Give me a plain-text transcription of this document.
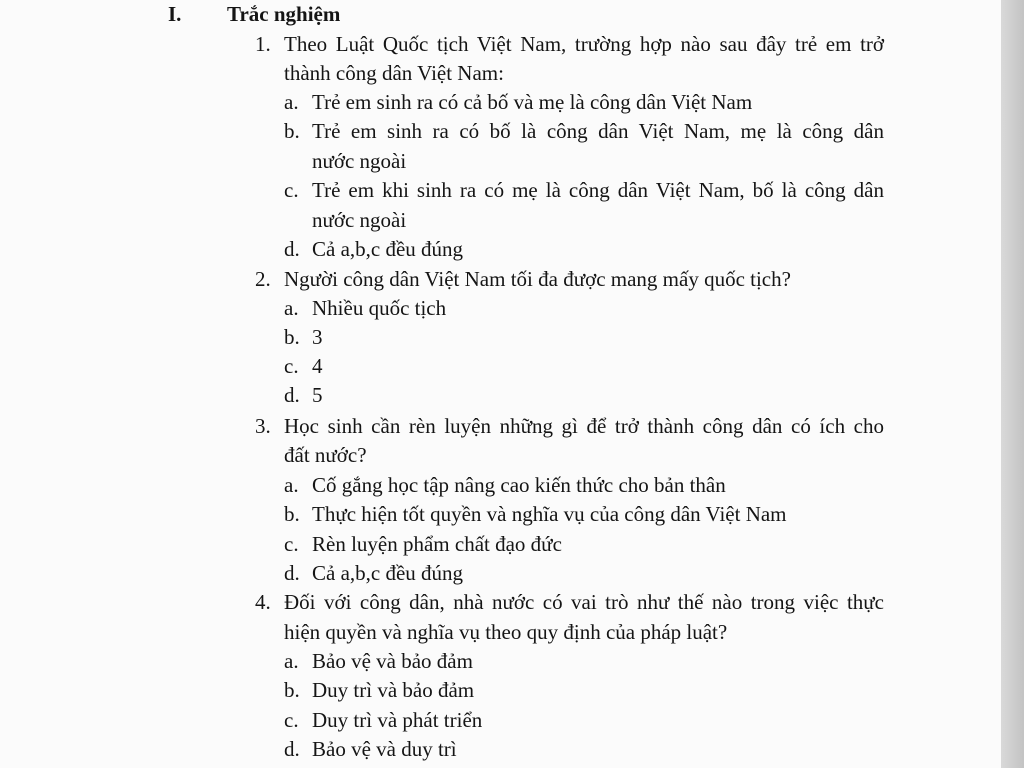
I. Trắc nghiệm
1. Theo Luật Quốc tịch Việt Nam, trường hợp nào sau đây trẻ em trở
thành công dân Việt Nam:
a. Trẻ em sinh ra có cả bố và mẹ là công dân Việt Nam
b. Trẻ em sinh ra có bố là công dân Việt Nam, mẹ là công dân
nước ngoài
c. Trẻ em khi sinh ra có mẹ là công dân Việt Nam, bố là công dân
nước ngoài
d. Cả a,b,c đều đúng
2. Người công dân Việt Nam tối đa được mang mấy quốc tịch?
a. Nhiều quốc tịch
b. 3
c. 4
d. 5
3. Học sinh cần rèn luyện những gì để trở thành công dân có ích cho
đất nước?
a. Cố gắng học tập nâng cao kiến thức cho bản thân
b. Thực hiện tốt quyền và nghĩa vụ của công dân Việt Nam
c. Rèn luyện phẩm chất đạo đức
d. Cả a,b,c đều đúng
4. Đối với công dân, nhà nước có vai trò như thế nào trong việc thực
hiện quyền và nghĩa vụ theo quy định của pháp luật?
a. Bảo vệ và bảo đảm
b. Duy trì và bảo đảm
c. Duy trì và phát triển
d. Bảo vệ và duy trì
